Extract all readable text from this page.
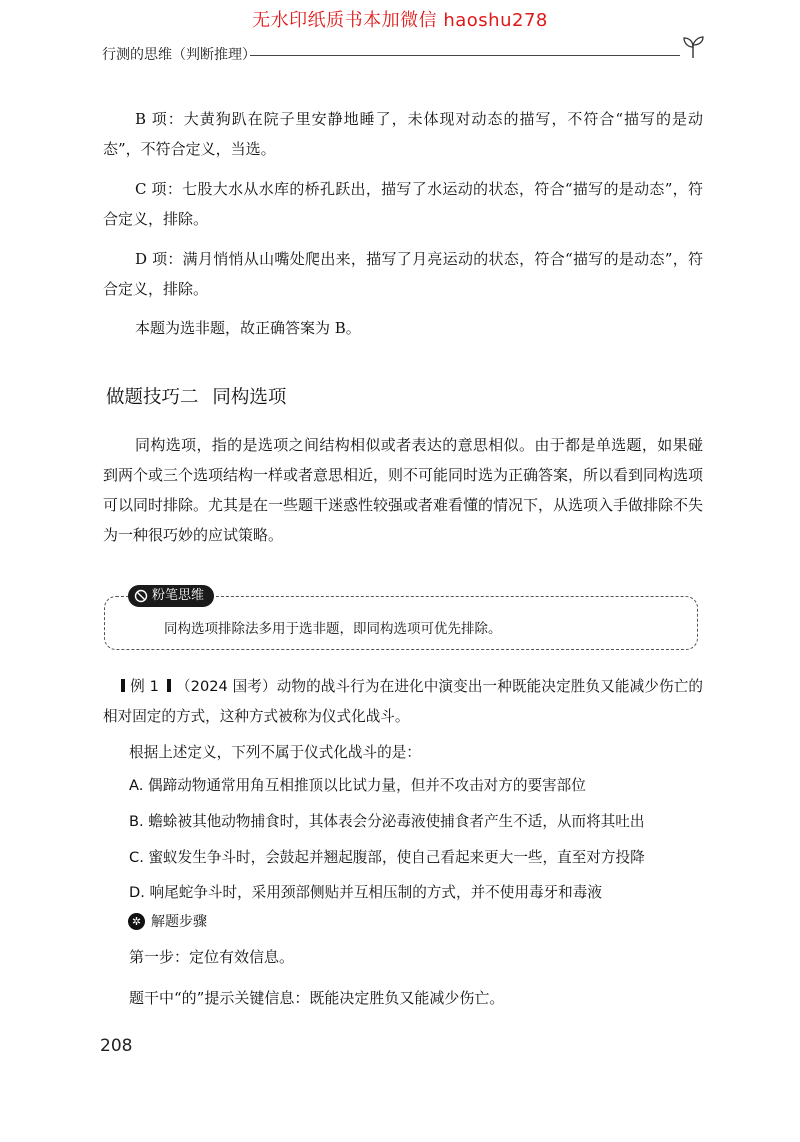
无水印纸质书本加微信 haoshu278
行测的思维（判断推理）
B 项：大黄狗趴在院子里安静地睡了，未体现对动态的描写，不符合“描写的是动态”，不符合定义，当选。
C 项：七股大水从水库的桥孔跃出，描写了水运动的状态，符合“描写的是动态”，符合定义，排除。
D 项：满月悄悄从山嘴处爬出来，描写了月亮运动的状态，符合“描写的是动态”，符合定义，排除。
本题为选非题，故正确答案为 B。
做题技巧二 同构选项
同构选项，指的是选项之间结构相似或者表达的意思相似。由于都是单选题，如果碰到两个或三个选项结构一样或者意思相近，则不可能同时选为正确答案，所以看到同构选项可以同时排除。尤其是在一些题干迷惑性较强或者难看懂的情况下，从选项入手做排除不失为一种很巧妙的应试策略。
粉笔思维
同构选项排除法多用于选非题，即同构选项可优先排除。
例 1 （2024 国考）动物的战斗行为在进化中演变出一种既能决定胜负又能减少伤亡的相对固定的方式，这种方式被称为仪式化战斗。
根据上述定义，下列不属于仪式化战斗的是：
A. 偶蹄动物通常用角互相推顶以比试力量，但并不攻击对方的要害部位
B. 蟾蜍被其他动物捕食时，其体表会分泌毒液使捕食者产生不适，从而将其吐出
C. 蜜蚁发生争斗时，会鼓起并翘起腹部，使自己看起来更大一些，直至对方投降
D. 响尾蛇争斗时，采用颈部侧贴并互相压制的方式，并不使用毒牙和毒液
✲ 解题步骤
第一步：定位有效信息。
题干中“的”提示关键信息：既能决定胜负又能减少伤亡。
208
